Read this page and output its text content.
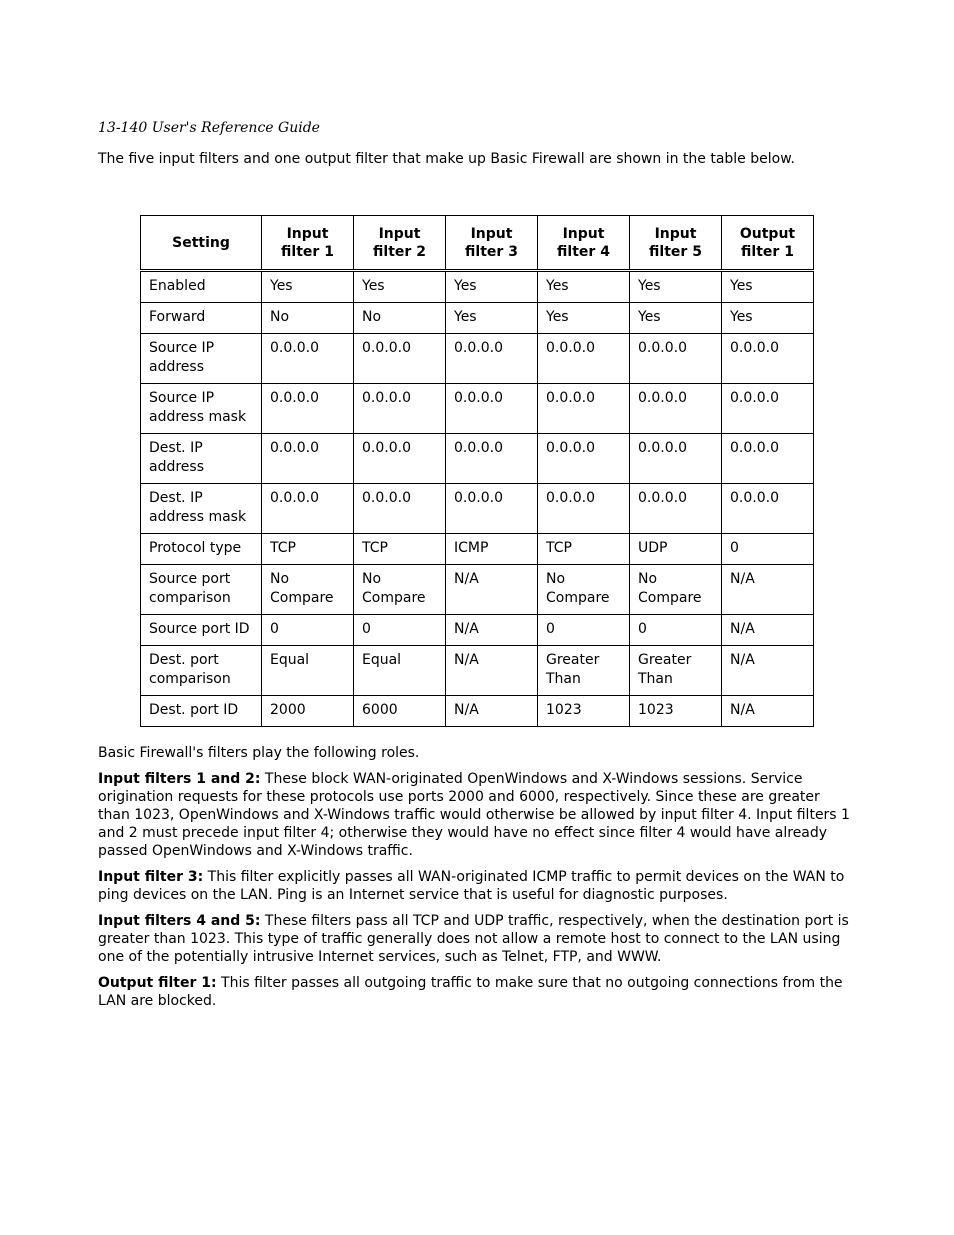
13-140 User's Reference Guide

The five input filters and one output filter that make up Basic Firewall are shown in the table below.

Setting	Input filter 1	Input filter 2	Input filter 3	Input filter 4	Input filter 5	Output filter 1
Enabled	Yes	Yes	Yes	Yes	Yes	Yes
Forward	No	No	Yes	Yes	Yes	Yes
Source IP address	0.0.0.0	0.0.0.0	0.0.0.0	0.0.0.0	0.0.0.0	0.0.0.0
Source IP address mask	0.0.0.0	0.0.0.0	0.0.0.0	0.0.0.0	0.0.0.0	0.0.0.0
Dest. IP address	0.0.0.0	0.0.0.0	0.0.0.0	0.0.0.0	0.0.0.0	0.0.0.0
Dest. IP address mask	0.0.0.0	0.0.0.0	0.0.0.0	0.0.0.0	0.0.0.0	0.0.0.0
Protocol type	TCP	TCP	ICMP	TCP	UDP	0
Source port comparison	No Compare	No Compare	N/A	No Compare	No Compare	N/A
Source port ID	0	0	N/A	0	0	N/A
Dest. port comparison	Equal	Equal	N/A	Greater Than	Greater Than	N/A
Dest. port ID	2000	6000	N/A	1023	1023	N/A

Basic Firewall's filters play the following roles.

Input filters 1 and 2: These block WAN-originated OpenWindows and X-Windows sessions. Service origination requests for these protocols use ports 2000 and 6000, respectively. Since these are greater than 1023, OpenWindows and X-Windows traffic would otherwise be allowed by input filter 4. Input filters 1 and 2 must precede input filter 4; otherwise they would have no effect since filter 4 would have already passed OpenWindows and X-Windows traffic.

Input filter 3: This filter explicitly passes all WAN-originated ICMP traffic to permit devices on the WAN to ping devices on the LAN. Ping is an Internet service that is useful for diagnostic purposes.

Input filters 4 and 5: These filters pass all TCP and UDP traffic, respectively, when the destination port is greater than 1023. This type of traffic generally does not allow a remote host to connect to the LAN using one of the potentially intrusive Internet services, such as Telnet, FTP, and WWW.

Output filter 1: This filter passes all outgoing traffic to make sure that no outgoing connections from the LAN are blocked.
